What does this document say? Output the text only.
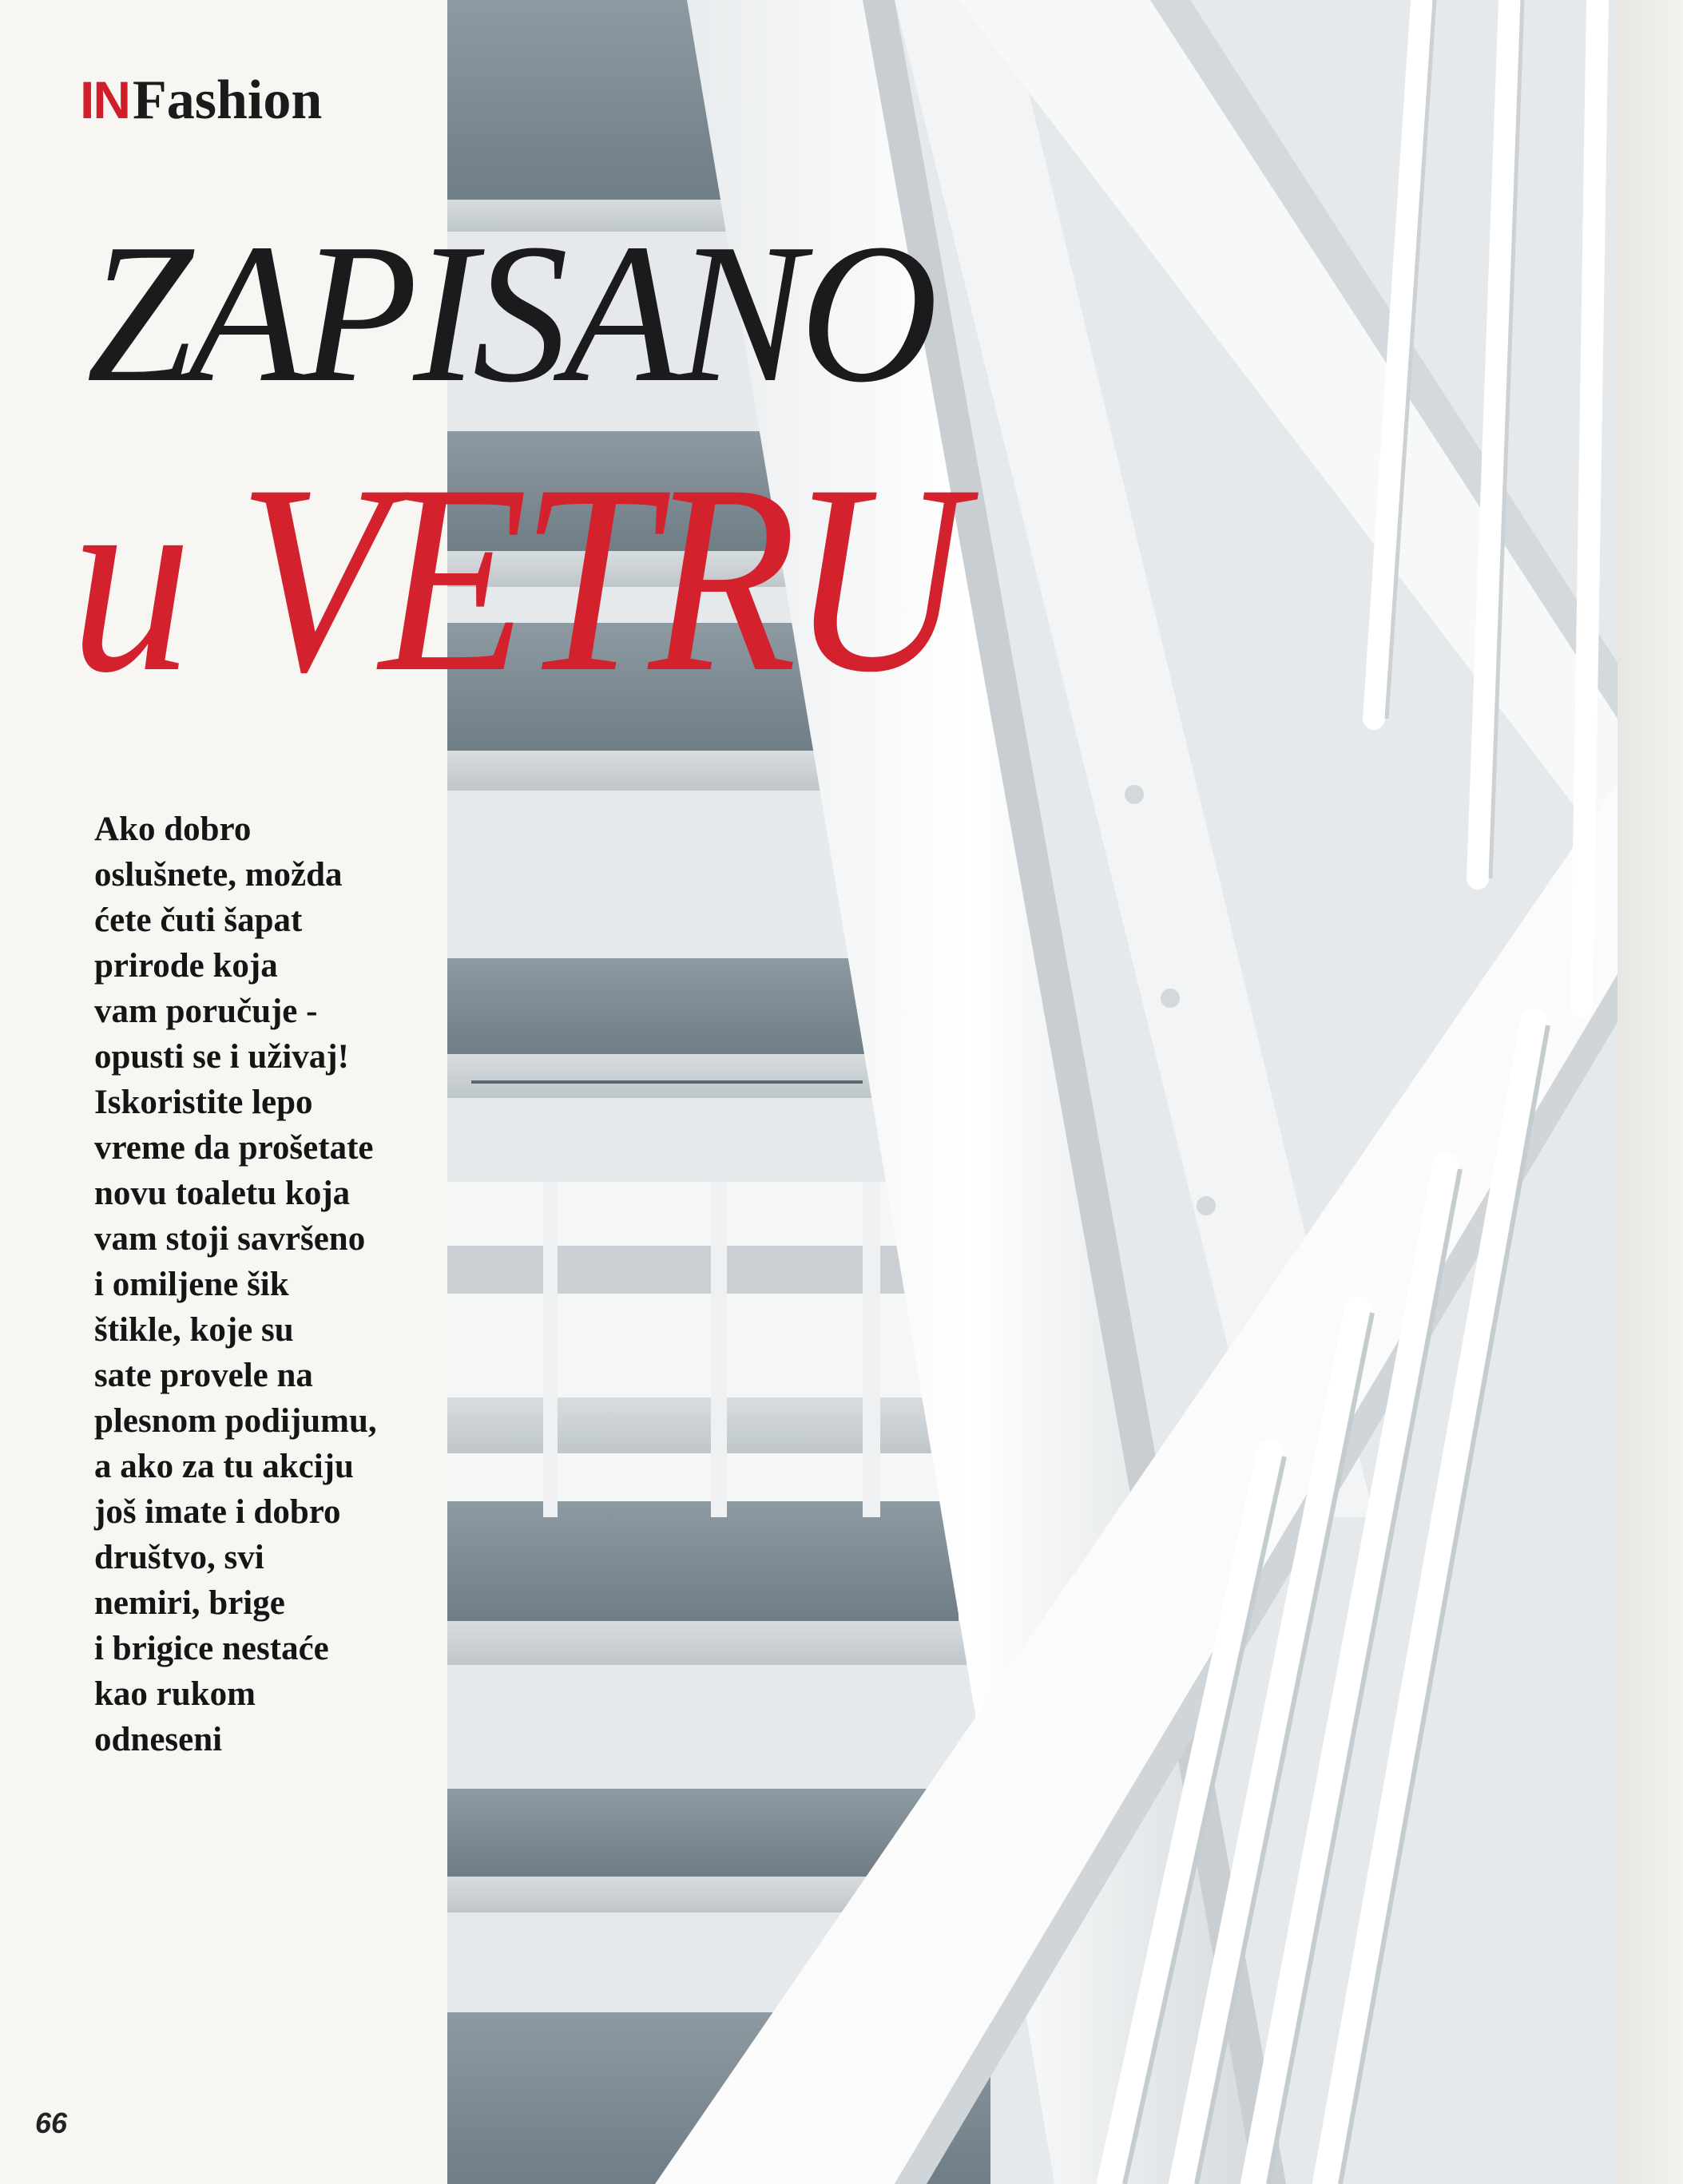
IN Fashion
ZAPISANO
u VETRU

Ako dobro
oslušnete, možda
ćete čuti šapat
prirode koja
vam poručuje -
opusti se i uživaj!
Iskoristite lepo
vreme da prošetate
novu toaletu koja
vam stoji savršeno
i omiljene šik
štikle, koje su
sate provele na
plesnom podijumu,
a ako za tu akciju
još imate i dobro
društvo, svi
nemiri, brige
i brigice nestaće
kao rukom
odneseni

66
